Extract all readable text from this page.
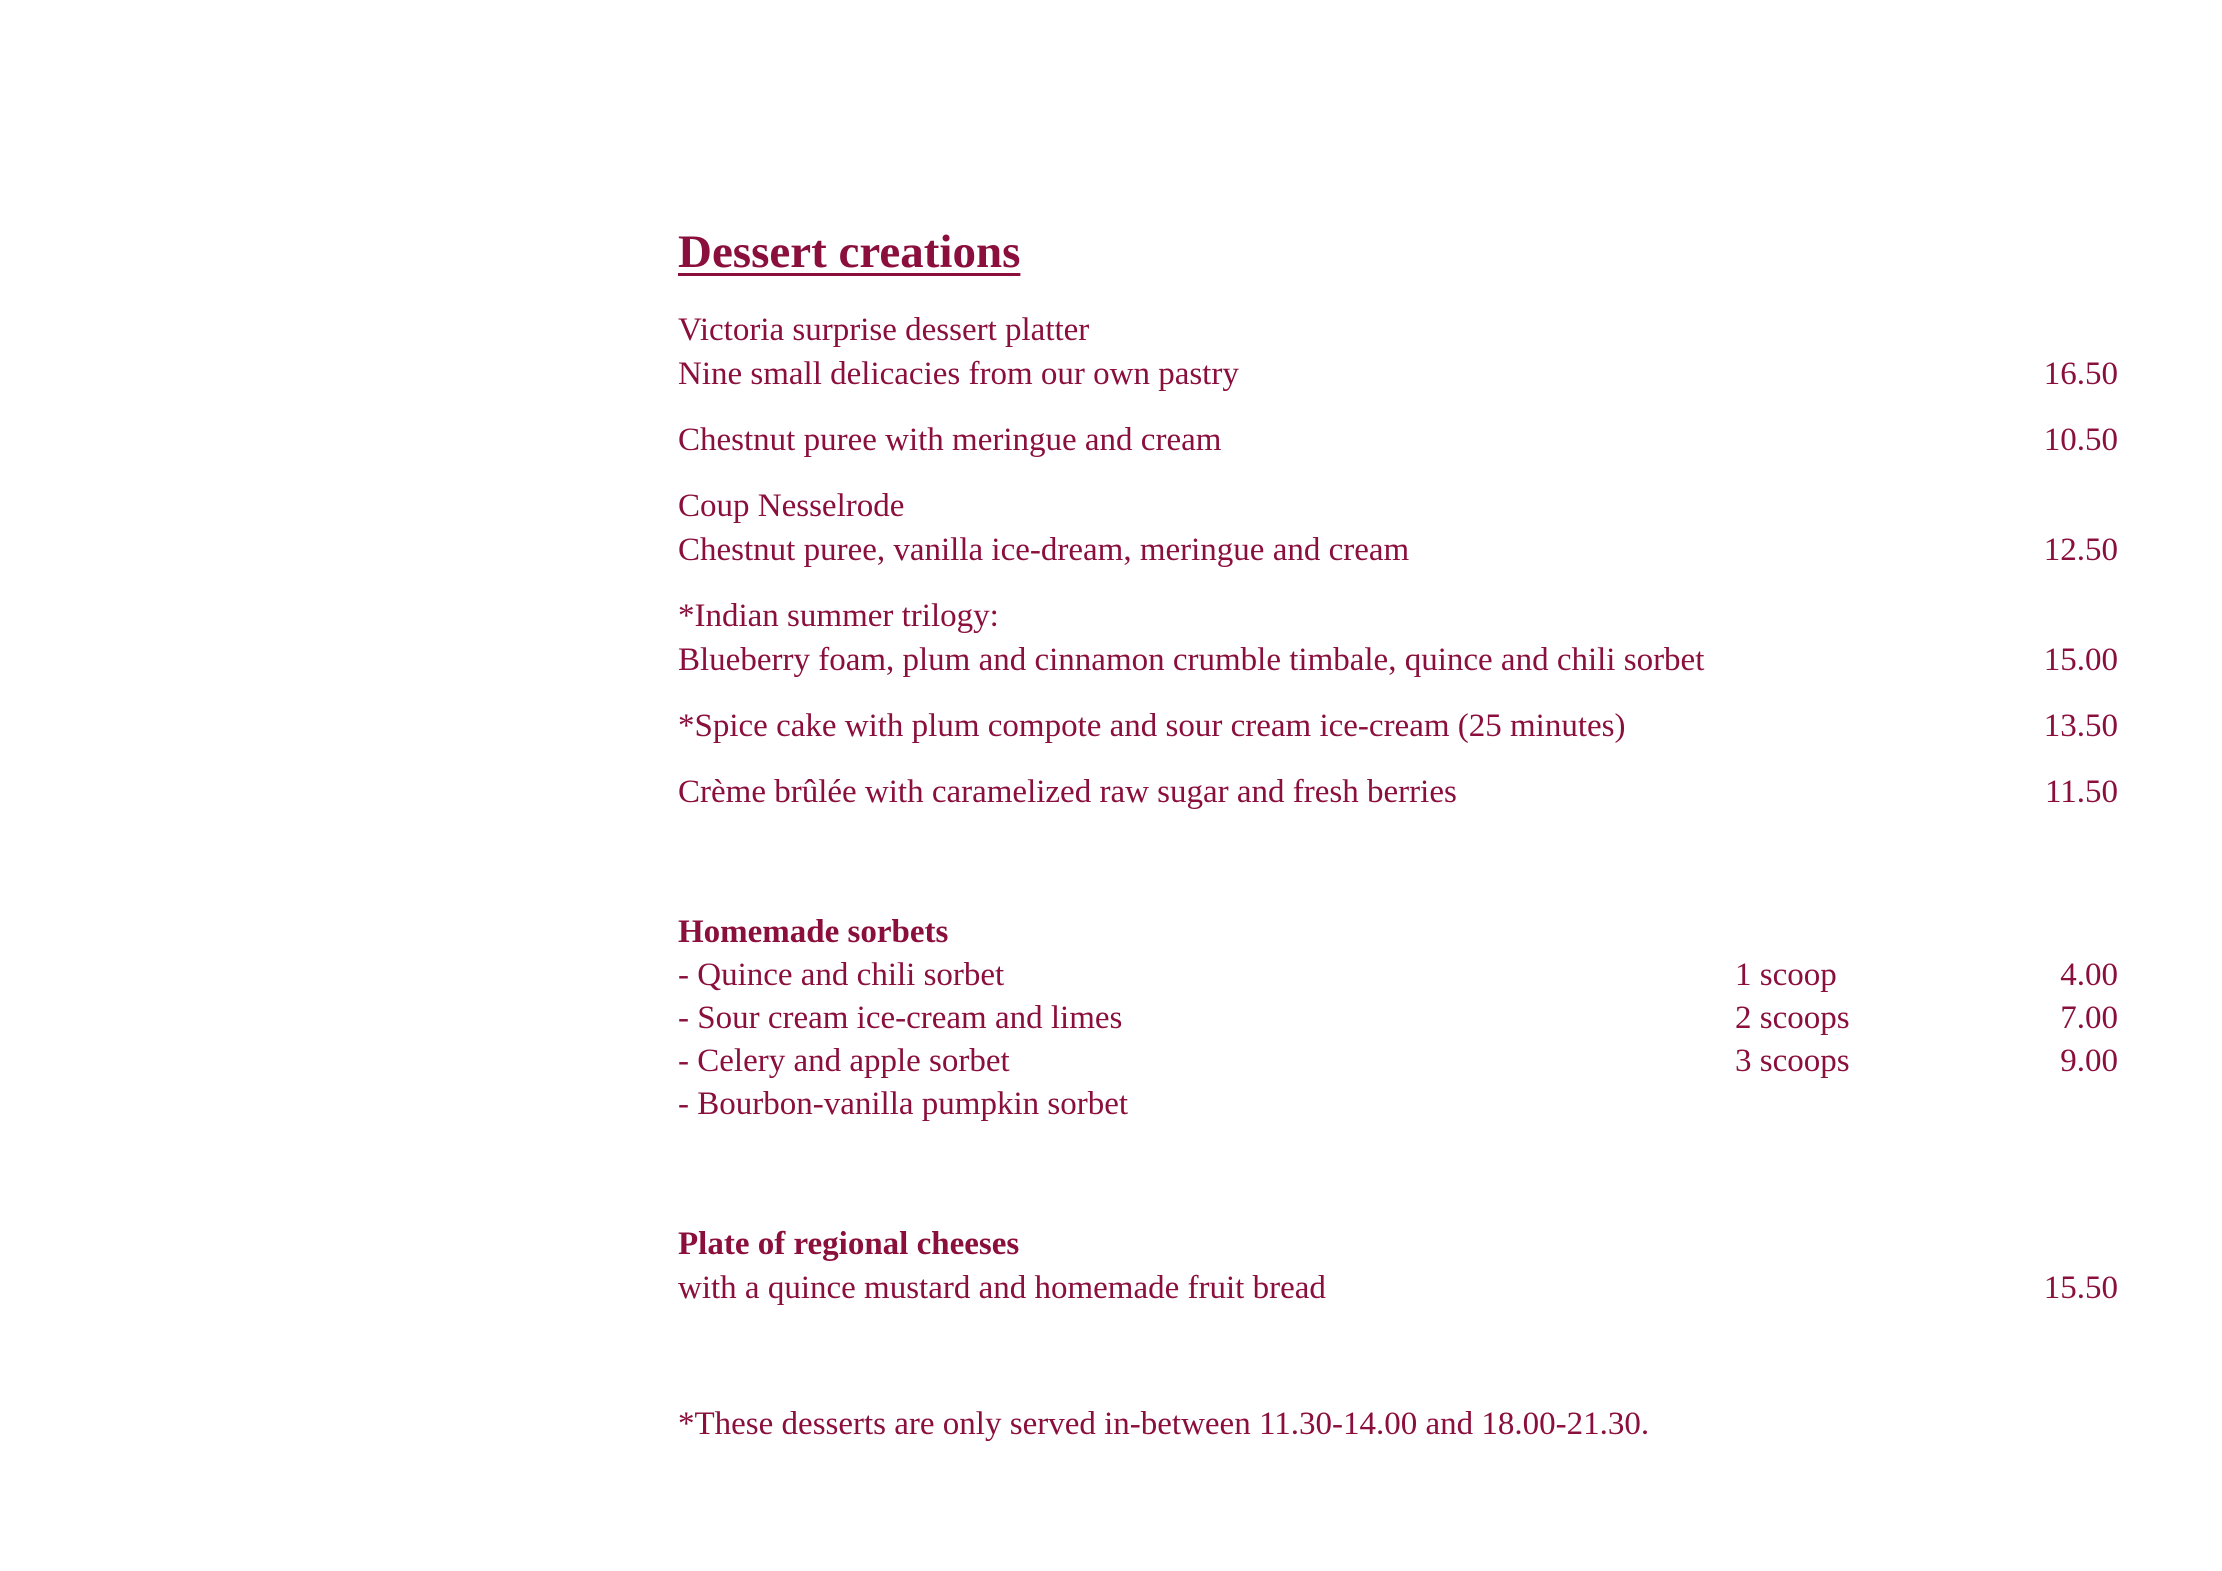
Dessert creations
Victoria surprise dessert platter
Nine small delicacies from our own pastry	16.50
Chestnut puree with meringue and cream	10.50
Coup Nesselrode
Chestnut puree, vanilla ice-dream, meringue and cream	12.50
*Indian summer trilogy:
Blueberry foam, plum and cinnamon crumble timbale, quince and chili sorbet	15.00
*Spice cake with plum compote and sour cream ice-cream (25 minutes)	13.50
Crème brûlée with caramelized raw sugar and fresh berries	11.50
Homemade sorbets
- Quince and chili sorbet	1 scoop	4.00
- Sour cream ice-cream and limes	2 scoops	7.00
- Celery and apple sorbet	3 scoops	9.00
- Bourbon-vanilla pumpkin sorbet
Plate of regional cheeses
with a quince mustard and homemade fruit bread	15.50
*These desserts are only served in-between 11.30-14.00 and 18.00-21.30.
